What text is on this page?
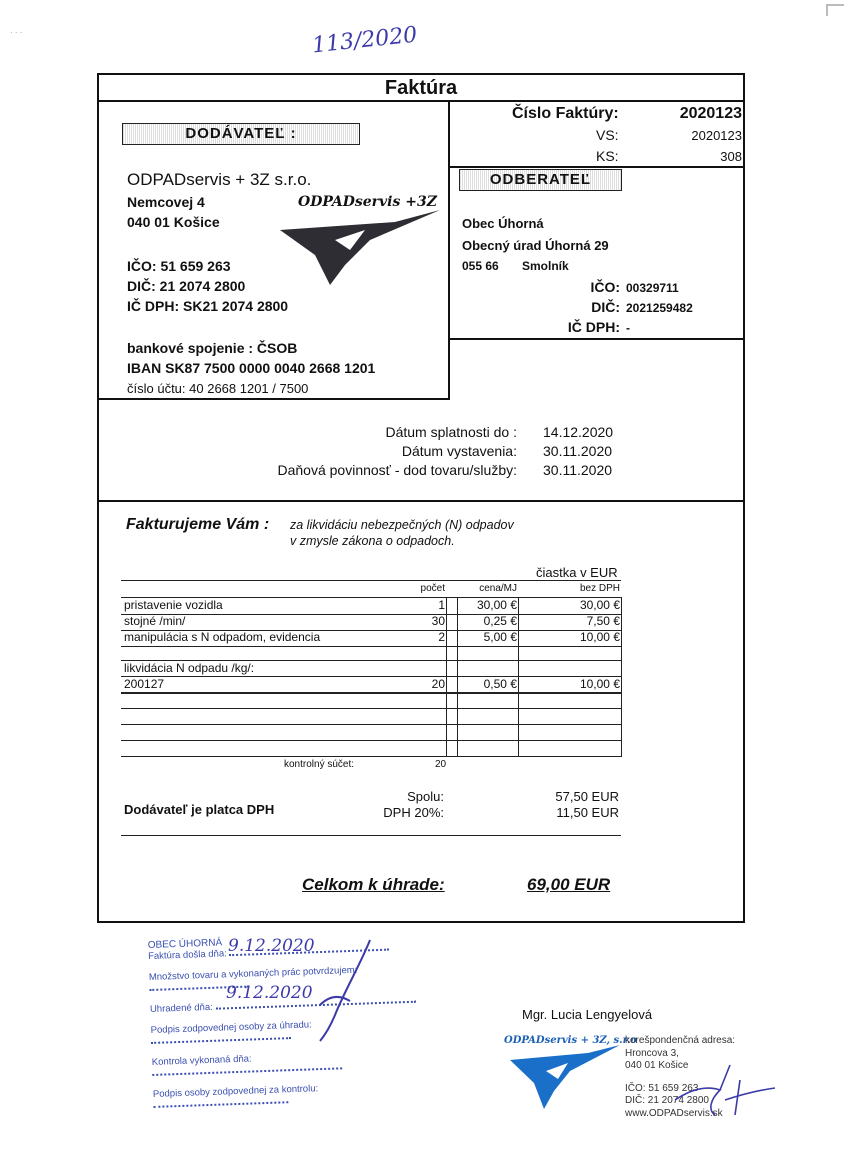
113/2020
· · ·
Faktúra
Číslo Faktúry:	2020123
VS:	2020123
KS:	308
DODÁVATEĽ :
ODPADservis + 3Z s.r.o.
Nemcovej 4
040 01 Košice
ODPADservis +3Z
IČO: 51 659 263
DIČ: 21 2074 2800
IČ DPH: SK21 2074 2800
bankové spojenie : ČSOB
IBAN SK87 7500 0000 0040 2668 1201
číslo účtu: 40 2668 1201 / 7500
ODBERATEĽ
Obec Úhorná
Obecný úrad Úhorná 29
055 66 Smolník
IČO: 00329711
DIČ: 2021259482
IČ DPH: -
Dátum splatnosti do : 14.12.2020
Dátum vystavenia: 30.11.2020
Daňová povinnosť - dod tovaru/služby: 30.11.2020
Fakturujeme Vám : za likvidáciu nebezpečných (N) odpadov
v zmysle zákona o odpadoch.
čiastka v EUR
počet	cena/MJ	bez DPH
pristavenie vozidla	1	30,00 €	30,00 €
stojné /min/	30	0,25 €	7,50 €
manipulácia s N odpadom, evidencia	2	5,00 €	10,00 €
likvidácia N odpadu /kg/:
200127	20	0,50 €	10,00 €
kontrolný súčet:	20
Dodávateľ je platca DPH
Spolu:	57,50 EUR
DPH 20%:	11,50 EUR
Celkom k úhrade:	69,00 EUR
OBEC ÚHORNÁ
Faktúra došla dňa:
Množstvo tovaru a vykonaných prác potvrdzujem:
Uhradené dňa:
Podpis zodpovednej osoby za úhradu:
Kontrola vykonaná dňa:
Podpis osoby zodpovednej za kontrolu:
9.12.2020
9.12.2020
Mgr. Lucia Lengyelová
ODPADservis + 3Z, s.r.o
korešpondenčná adresa:
Hroncova 3,
040 01 Košice
IČO: 51 659 263
DIČ: 21 2074 2800
www.ODPADservis.sk
